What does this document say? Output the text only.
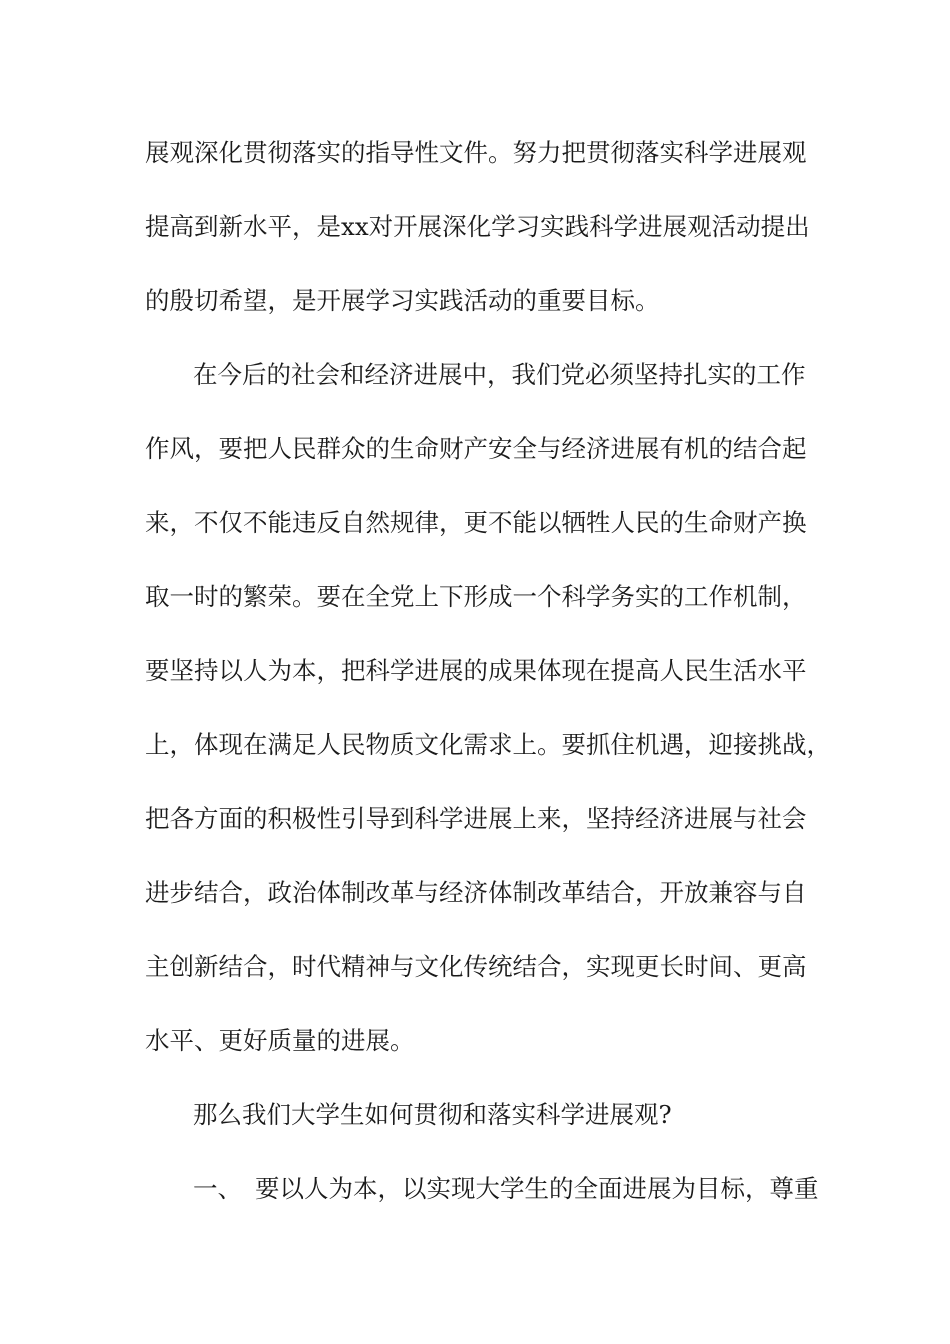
展观深化贯彻落实的指导性文件。努力把贯彻落实科学进展观
提高到新水平，是xx对开展深化学习实践科学进展观活动提出
的殷切希望，是开展学习实践活动的重要目标。
在今后的社会和经济进展中，我们党必须坚持扎实的工作
作风，要把人民群众的生命财产安全与经济进展有机的结合起
来，不仅不能违反自然规律，更不能以牺牲人民的生命财产换
取一时的繁荣。要在全党上下形成一个科学务实的工作机制，
要坚持以人为本，把科学进展的成果体现在提高人民生活水平
上，体现在满足人民物质文化需求上。要抓住机遇，迎接挑战，
把各方面的积极性引导到科学进展上来，坚持经济进展与社会
进步结合，政治体制改革与经济体制改革结合，开放兼容与自
主创新结合，时代精神与文化传统结合，实现更长时间、更高
水平、更好质量的进展。
那么我们大学生如何贯彻和落实科学进展观?
一、 要以人为本，以实现大学生的全面进展为目标，尊重
